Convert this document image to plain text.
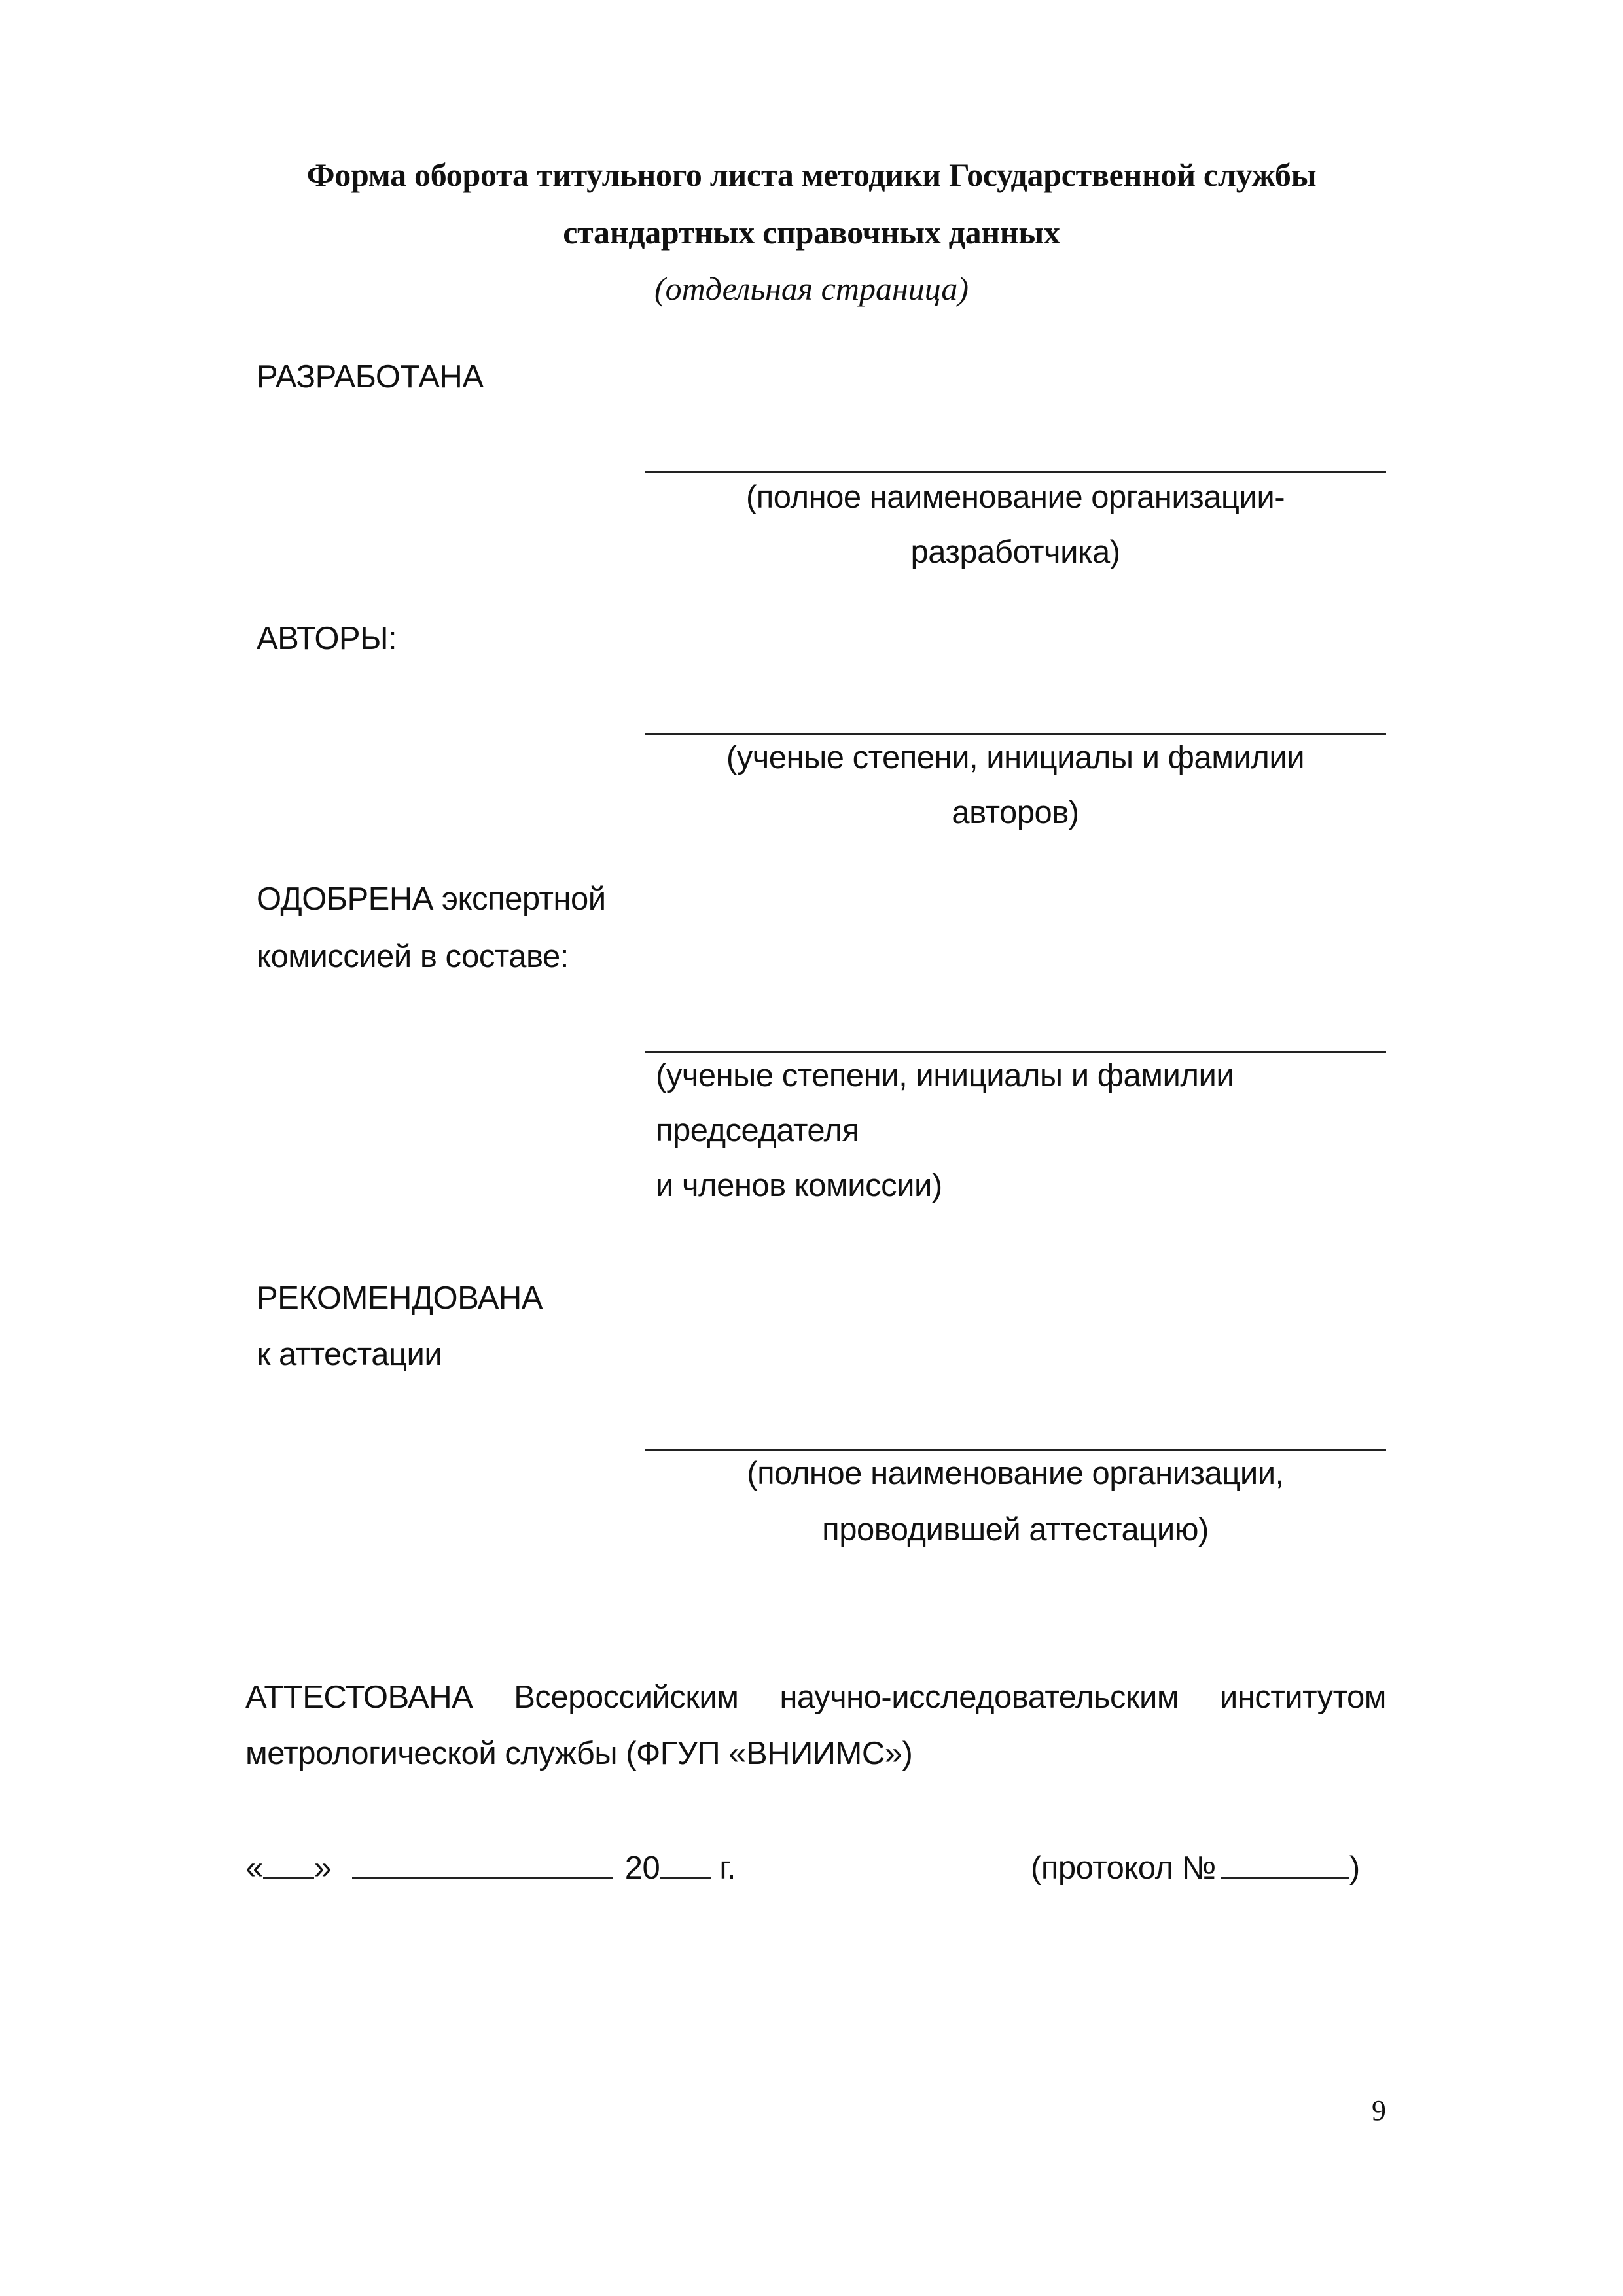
Форма оборота титульного листа методики Государственной службы
стандартных справочных данных
(отдельная страница)
РАЗРАБОТАНА
(полное наименование организации-
разработчика)
АВТОРЫ:
(ученые степени, инициалы и фамилии
авторов)
ОДОБРЕНА экспертной
комиссией в составе:
(ученые степени, инициалы и фамилии
председателя
и членов комиссии)
РЕКОМЕНДОВАНА
к аттестации
(полное наименование организации,
проводившей аттестацию)
АТТЕСТОВАНА Всероссийским научно-исследовательским институтом
метрологической службы (ФГУП «ВНИИМС»)
« »	20 г.	(протокол №	)
9
